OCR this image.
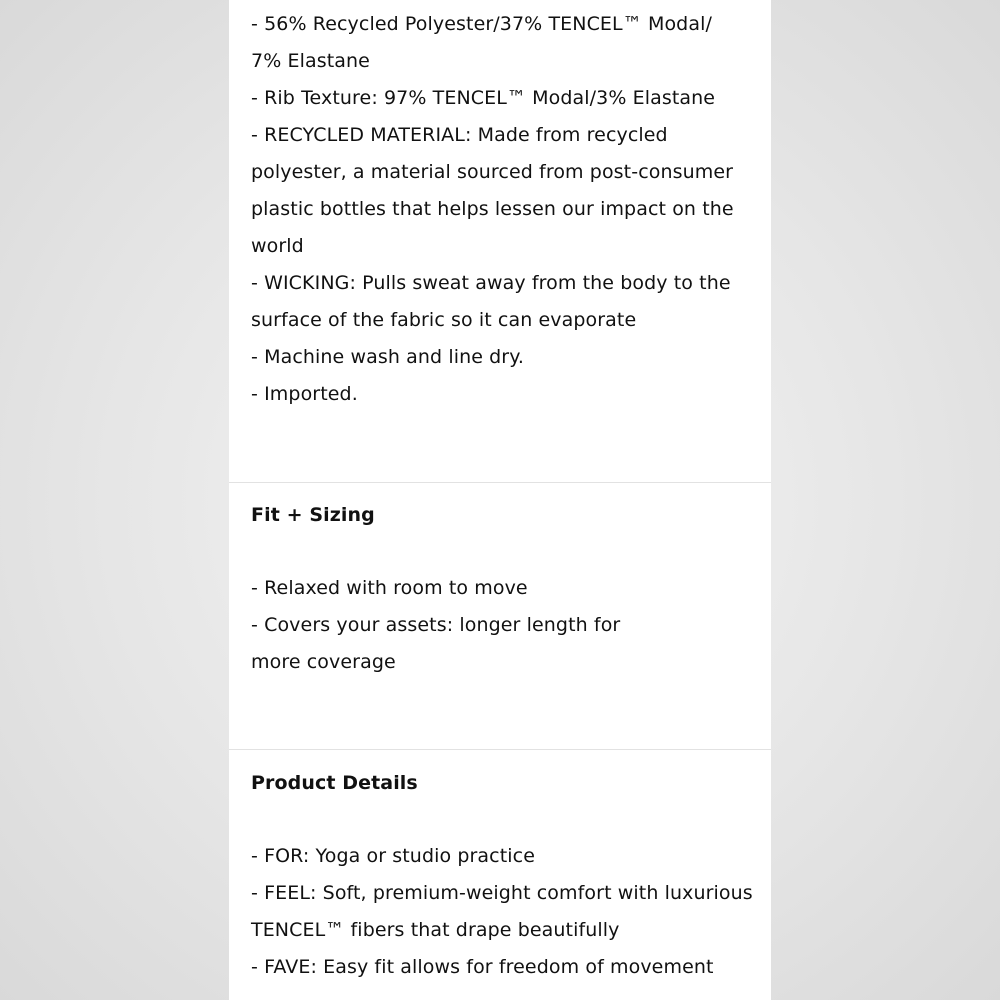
- 56% Recycled Polyester/37% TENCEL™ Modal/
7% Elastane
- Rib Texture: 97% TENCEL™ Modal/3% Elastane
- RECYCLED MATERIAL: Made from recycled
polyester, a material sourced from post-consumer
plastic bottles that helps lessen our impact on the
world
- WICKING: Pulls sweat away from the body to the
surface of the fabric so it can evaporate
- Machine wash and line dry.
- Imported.
Fit + Sizing
- Relaxed with room to move
- Covers your assets: longer length for
more coverage
Product Details
- FOR: Yoga or studio practice
- FEEL: Soft, premium-weight comfort with luxurious
TENCEL™ fibers that drape beautifully
- FAVE: Easy fit allows for freedom of movement
